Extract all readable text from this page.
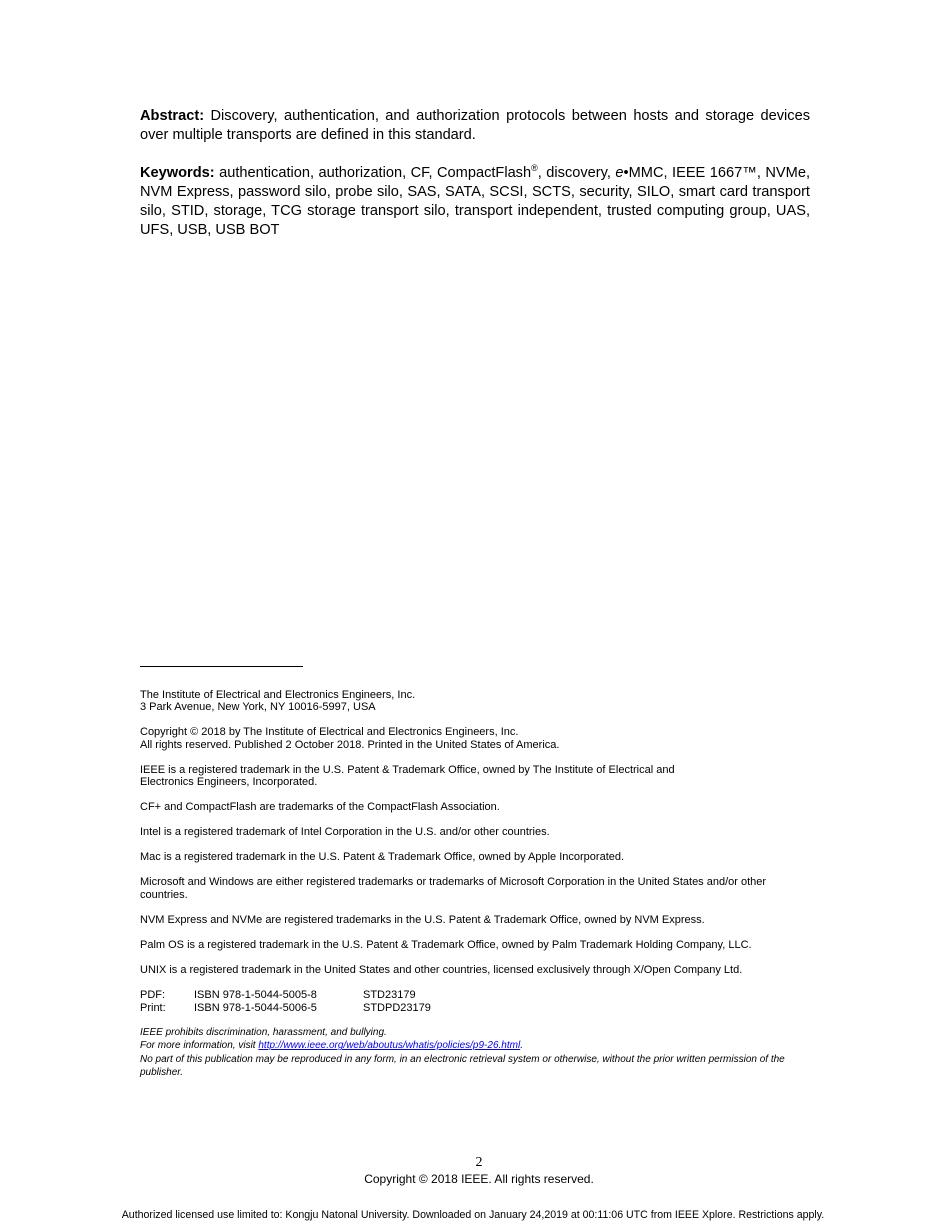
Abstract: Discovery, authentication, and authorization protocols between hosts and storage devices over multiple transports are defined in this standard.

Keywords: authentication, authorization, CF, CompactFlash®, discovery, e•MMC, IEEE 1667™, NVMe, NVM Express, password silo, probe silo, SAS, SATA, SCSI, SCTS, security, SILO, smart card transport silo, STID, storage, TCG storage transport silo, transport independent, trusted computing group, UAS, UFS, USB, USB BOT

The Institute of Electrical and Electronics Engineers, Inc.
3 Park Avenue, New York, NY 10016-5997, USA

Copyright © 2018 by The Institute of Electrical and Electronics Engineers, Inc.
All rights reserved. Published 2 October 2018. Printed in the United States of America.

IEEE is a registered trademark in the U.S. Patent & Trademark Office, owned by The Institute of Electrical and Electronics Engineers, Incorporated.

CF+ and CompactFlash are trademarks of the CompactFlash Association.

Intel is a registered trademark of Intel Corporation in the U.S. and/or other countries.

Mac is a registered trademark in the U.S. Patent & Trademark Office, owned by Apple Incorporated.

Microsoft and Windows are either registered trademarks or trademarks of Microsoft Corporation in the United States and/or other countries.

NVM Express and NVMe are registered trademarks in the U.S. Patent & Trademark Office, owned by NVM Express.

Palm OS is a registered trademark in the U.S. Patent & Trademark Office, owned by Palm Trademark Holding Company, LLC.

UNIX is a registered trademark in the United States and other countries, licensed exclusively through X/Open Company Ltd.

PDF:	ISBN 978-1-5044-5005-8	STD23179
Print:	ISBN 978-1-5044-5006-5	STDPD23179
IEEE prohibits discrimination, harassment, and bullying.
For more information, visit http://www.ieee.org/web/aboutus/whatis/policies/p9-26.html.
No part of this publication may be reproduced in any form, in an electronic retrieval system or otherwise, without the prior written permission of the publisher.
2
Copyright © 2018 IEEE. All rights reserved.
Authorized licensed use limited to: Kongju Natonal University. Downloaded on January 24,2019 at 00:11:06 UTC from IEEE Xplore. Restrictions apply.
